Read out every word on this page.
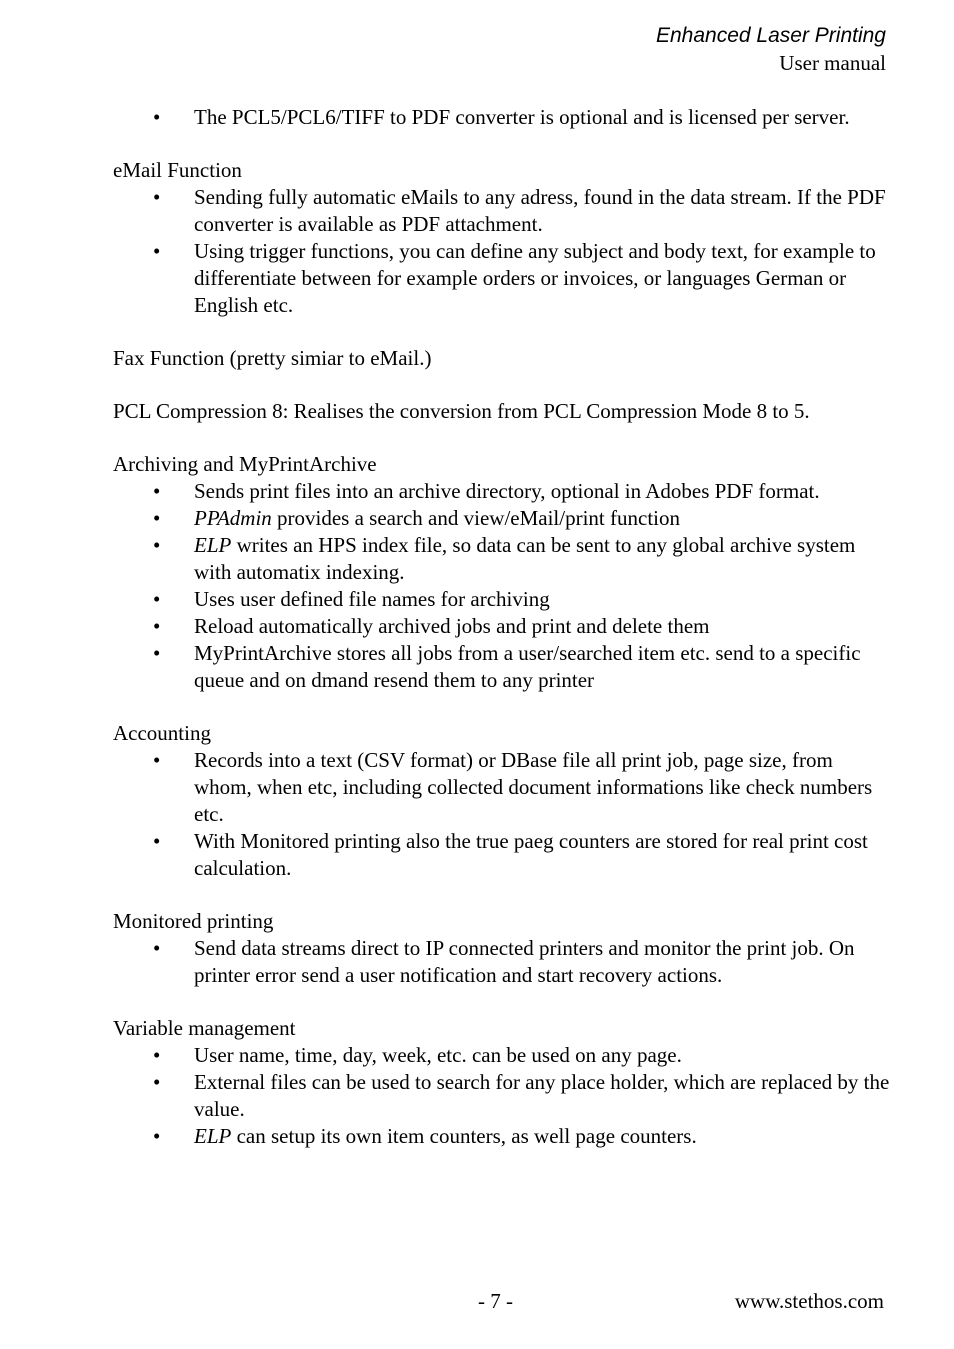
Enhanced Laser Printing
User manual
• The PCL5/PCL6/TIFF to PDF converter is optional and is licensed per server.

eMail Function

• Sending fully automatic eMails to any adress, found in the data stream. If the PDF converter is available as PDF attachment.
• Using trigger functions, you can define any subject and body text, for example to differentiate between for example orders or invoices, or languages German or English etc.

Fax Function (pretty simiar to eMail.)

PCL Compression 8: Realises the conversion from PCL Compression Mode 8 to 5.

Archiving and MyPrintArchive

• Sends print files into an archive directory, optional in Adobes PDF format.
• PPAdmin provides a search and view/eMail/print function
• ELP writes an HPS index file, so data can be sent to any global archive system with automatix indexing.
• Uses user defined file names for archiving
• Reload automatically archived jobs and print and delete them
• MyPrintArchive stores all jobs from a user/searched item etc. send to a specific queue and on dmand resend them to any printer

Accounting

• Records into a text (CSV format) or DBase file all print job, page size, from whom, when etc, including collected document informations like check numbers etc.
• With Monitored printing also the true paeg counters are stored for real print cost calculation.

Monitored printing

• Send data streams direct to IP connected printers and monitor the print job. On printer error send a user notification and start recovery actions.

Variable management

• User name, time, day, week, etc. can be used on any page.
• External files can be used to search for any place holder, which are replaced by the value.
• ELP can setup its own item counters, as well page counters.
- 7 -	www.stethos.com
